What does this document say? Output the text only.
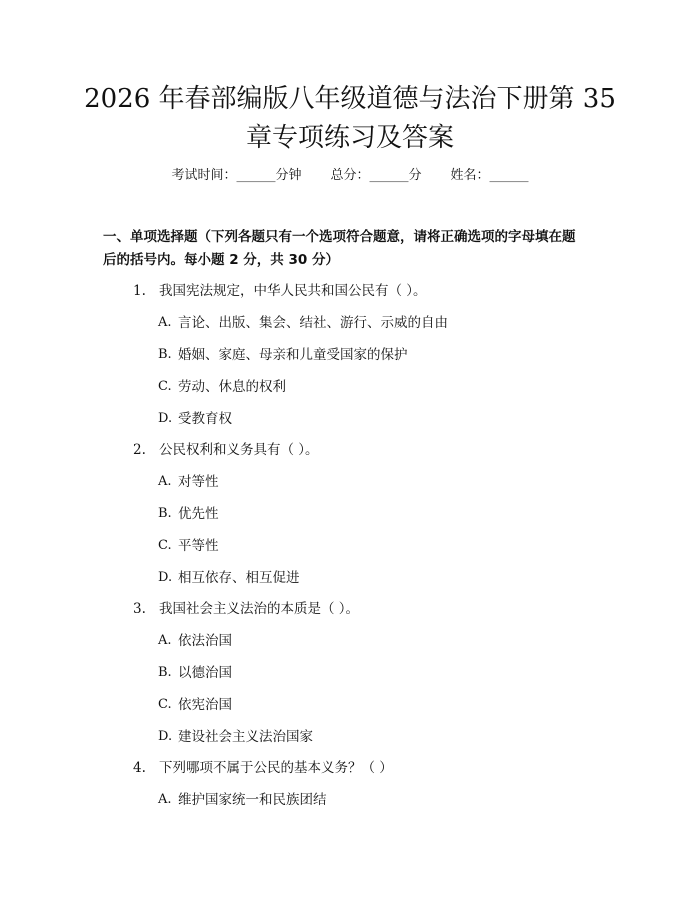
2026 年春部编版八年级道德与法治下册第 35
章专项练习及答案
考试时间：______分钟 总分：______分 姓名：______
一、单项选择题（下列各题只有一个选项符合题意，请将正确选项的字母填在题
后的括号内。每小题 2 分，共 30 分）
1. 我国宪法规定，中华人民共和国公民有（ ）。
A. 言论、出版、集会、结社、游行、示威的自由
B. 婚姻、家庭、母亲和儿童受国家的保护
C. 劳动、休息的权利
D. 受教育权
2. 公民权利和义务具有（ ）。
A. 对等性
B. 优先性
C. 平等性
D. 相互依存、相互促进
3. 我国社会主义法治的本质是（ ）。
A. 依法治国
B. 以德治国
C. 依宪治国
D. 建设社会主义法治国家
4. 下列哪项不属于公民的基本义务？（ ）
A. 维护国家统一和民族团结
